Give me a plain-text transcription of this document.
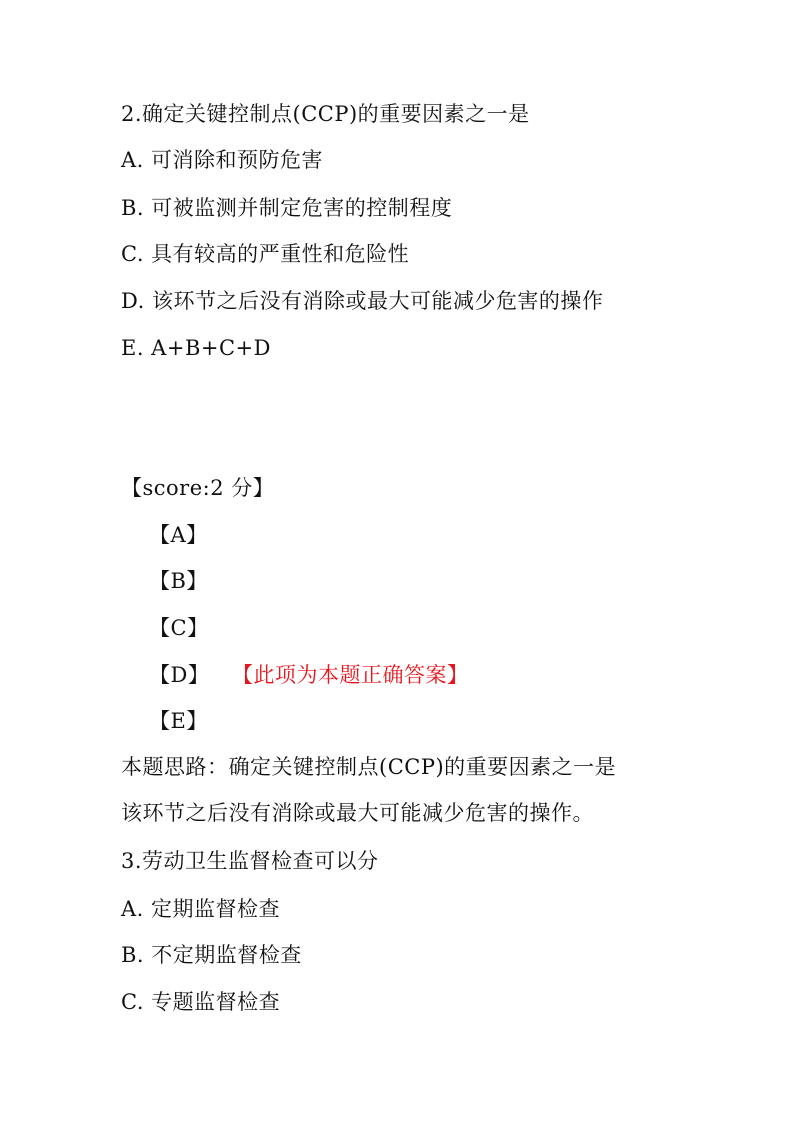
2.确定关键控制点(CCP)的重要因素之一是
A. 可消除和预防危害
B. 可被监测并制定危害的控制程度
C. 具有较高的严重性和危险性
D. 该环节之后没有消除或最大可能减少危害的操作
E. A+B+C+D
【score:2 分】
【A】
【B】
【C】
【D】 【此项为本题正确答案】
【E】
本题思路：确定关键控制点(CCP)的重要因素之一是
该环节之后没有消除或最大可能减少危害的操作。
3.劳动卫生监督检查可以分
A. 定期监督检查
B. 不定期监督检查
C. 专题监督检查
